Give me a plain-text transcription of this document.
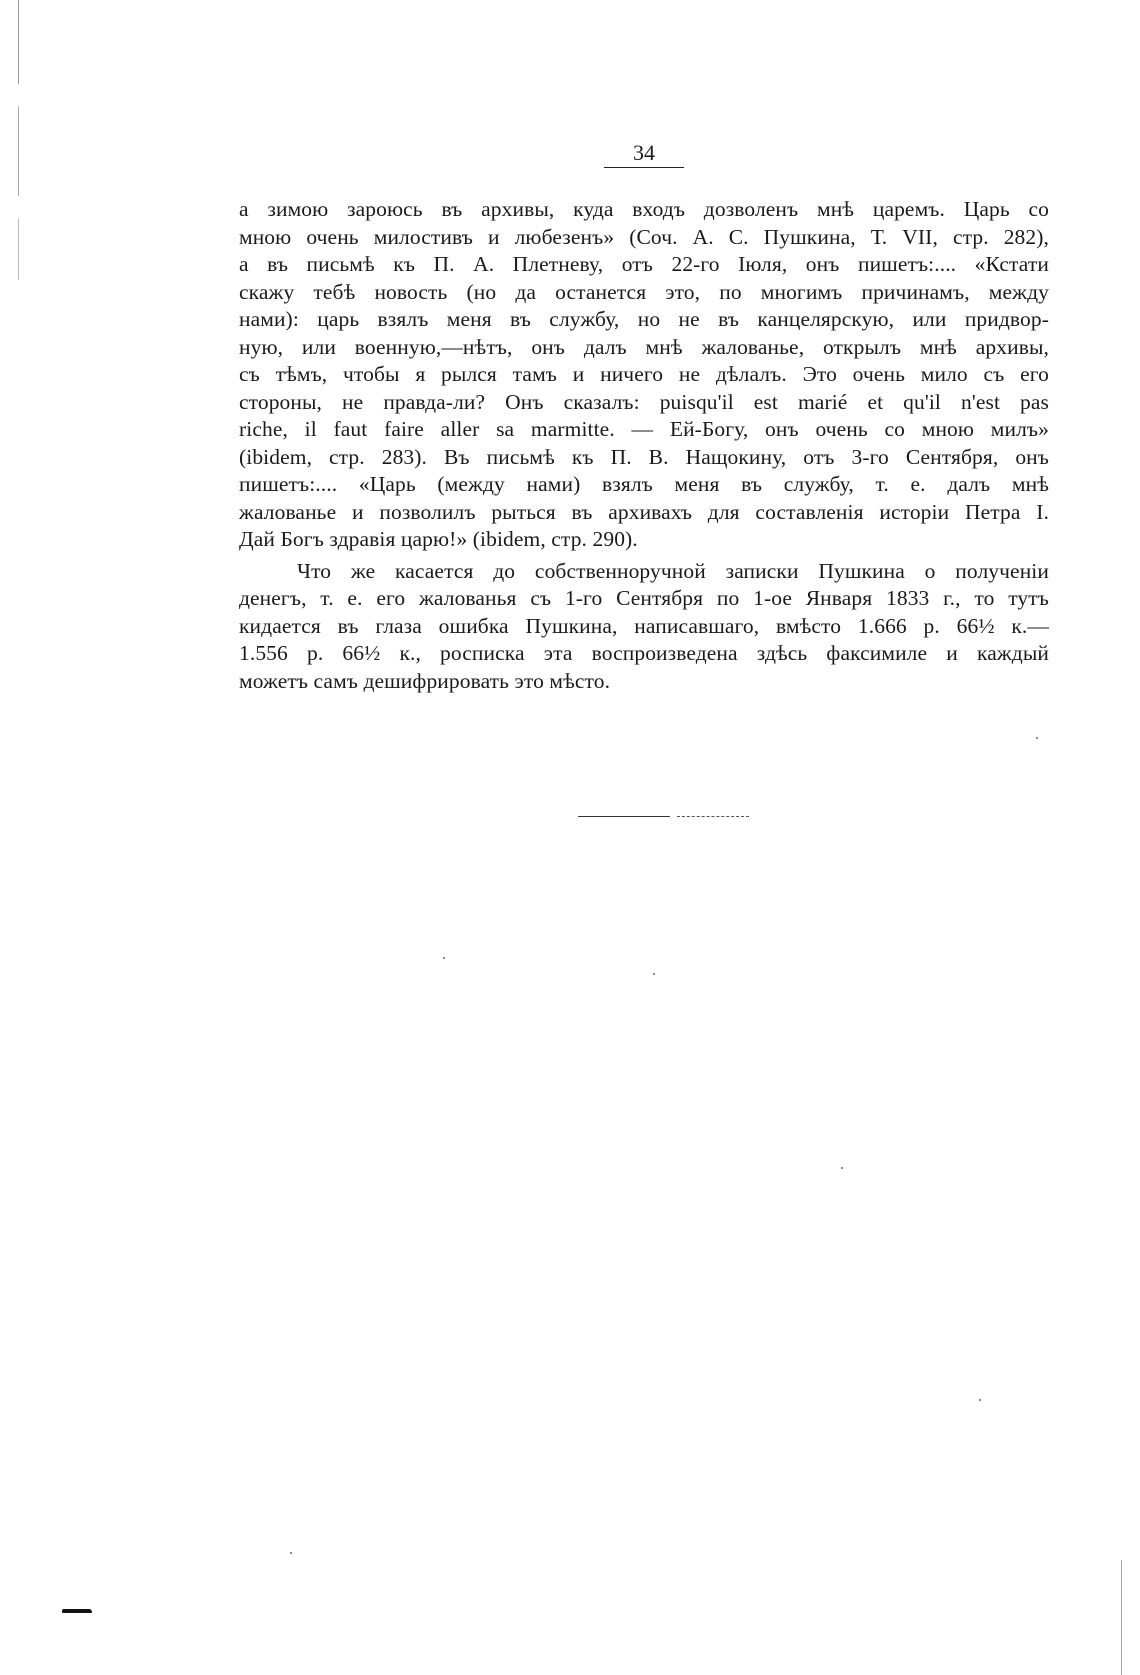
34
а зимою зароюсь въ архивы, куда входъ дозволенъ мнѣ царемъ. Царь со
мною очень милостивъ и любезенъ» (Соч. А. С. Пушкина, Т. VII, стр. 282),
а въ письмѣ къ П. А. Плетневу, отъ 22-го Iюля, онъ пишетъ:.... «Кстати
скажу тебѣ новость (но да останется это, по многимъ причинамъ, между
нами): царь взялъ меня въ службу, но не въ канцелярскую, или придвор-
ную, или военную,—нѣтъ, онъ далъ мнѣ жалованье, открылъ мнѣ архивы,
съ тѣмъ, чтобы я рылся тамъ и ничего не дѣлалъ. Это очень мило съ его
стороны, не правда-ли? Онъ сказалъ: puisqu'il est marié et qu'il n'est pas
riche, il faut faire aller sa marmitte. — Ей-Богу, онъ очень со мною милъ»
(ibidem, стр. 283). Въ письмѣ къ П. В. Нащокину, отъ 3-го Сентября, онъ
пишетъ:.... «Царь (между нами) взялъ меня въ службу, т. е. далъ мнѣ
жалованье и позволилъ рыться въ архивахъ для составленiя исторiи Петра I.
Дай Богъ здравiя царю!» (ibidem, стр. 290).
Что же касается до собственноручной записки Пушкина о полученiи
денегъ, т. е. его жалованья съ 1-го Сентября по 1-ое Января 1833 г., то тутъ
кидается въ глаза ошибка Пушкина, написавшаго, вмѣсто 1.666 р. 66½ к.—
1.556 р. 66½ к., росписка эта воспроизведена здѣсь факсимиле и каждый
можетъ самъ дешифрировать это мѣсто.
